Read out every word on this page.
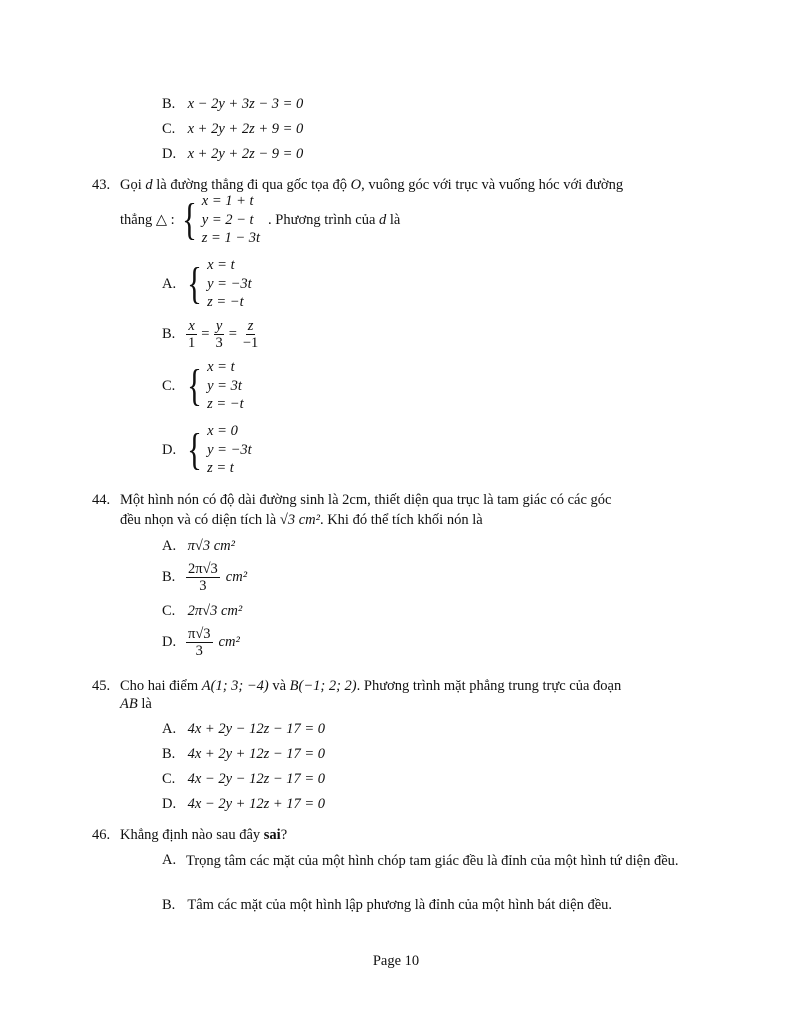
B. x − 2y + 3z − 3 = 0
C. x + 2y + 2z + 9 = 0
D. x + 2y + 2z − 9 = 0
43. Gọi d là đường thẳng đi qua gốc tọa độ O, vuông góc với trục và vuống hóc với đường
thẳng △ : { x = 1 + t
y = 2 − t
z = 1 − 3t
. Phương trình của d là
A. { x = t
y = −3t
z = −t
B. $\frac{x}{1} = \frac{y}{3} = \frac{z}{-1}$
C. { x = t
y = 3t
z = −t
D. { x = 0
y = −3t
z = t
44. Một hình nón có độ dài đường sinh là 2cm, thiết diện qua trục là tam giác có các góc
đều nhọn và có diện tích là √3 cm². Khi đó thể tích khối nón là
A. π√3 cm²
B. $\frac{2\pi√3}{3} cm^2$
C. 2π√3 cm²
D. $\frac{\pi√3}{3} cm^2$
45. Cho hai điểm A(1; 3; −4) và B(−1; 2; 2). Phương trình mặt phẳng trung trực của đoạn
AB là
A. 4x + 2y − 12z − 17 = 0
B. 4x + 2y + 12z − 17 = 0
C. 4x − 2y − 12z − 17 = 0
D. 4x − 2y + 12z + 17 = 0
46. Khẳng định nào sau đây sai?
A. Trọng tâm các mặt của một hình chóp tam giác đều là đỉnh của một hình tứ diện đều.
B. Tâm các mặt của một hình lập phương là đỉnh của một hình bát diện đều.
Page 10
